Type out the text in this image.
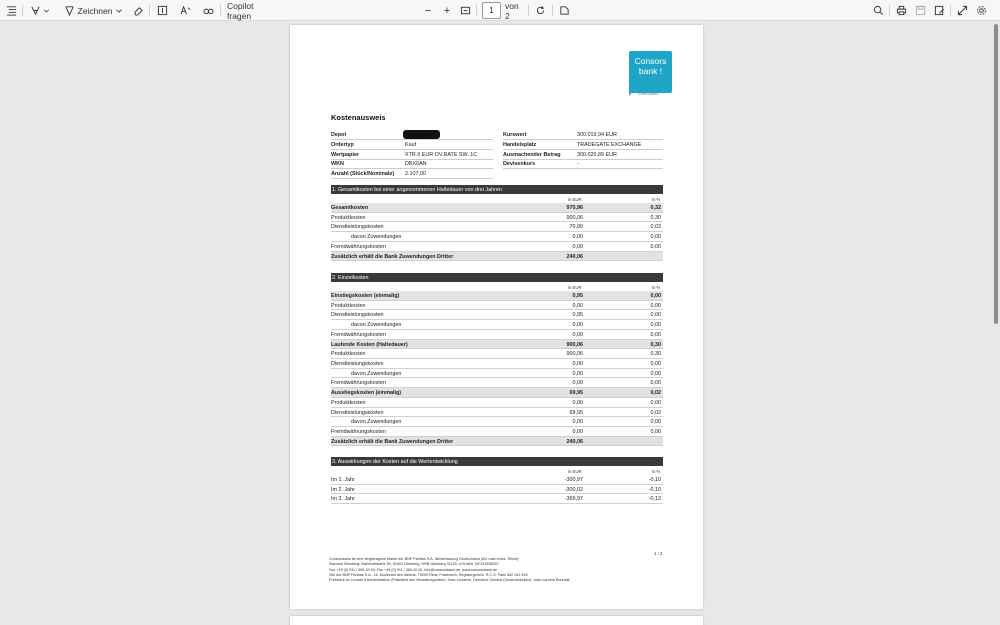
Zeichnen	Copilot fragen	−	+	1	von 2
Consors
bank !
by BNP PARIBAS
Kostenausweis
Depot
Ordertyp	Kauf
Wertpapier	XTR.II EUR OV.RATE SW. 1C
WKN	DBX0AN
Anzahl (Stück/Nominale) 2.107,00
Kurswert	300.019,94 EUR
Handelsplatz	TRADEGATE EXCHANGE
Ausmachender Betrag	300.020,89 EUR
Devisenkurs	-
1. Gesamtkosten bei einer angenommenen Haltedauer von drei Jahren
in EUR	in %
Gesamtkosten	970,96	0,32
Produktkosten	900,06	0,30
Dienstleistungskosten	70,90	0,02
davon Zuwendungen	0,00	0,00
Fremdwährungskosten	0,00	0,00
Zusätzlich erhält die Bank Zuwendungen Dritter	240,06
2. Einzelkosten
in EUR	in %
Einstiegskosten (einmalig)	0,95	0,00
Produktkosten	0,00	0,00
Dienstleistungskosten	0,95	0,00
davon Zuwendungen	0,00	0,00
Fremdwährungskosten	0,00	0,00
Laufende Kosten (Haltedauer)	900,06	0,30
Produktkosten	900,06	0,30
Dienstleistungskosten	0,00	0,00
davon Zuwendungen	0,00	0,00
Fremdwährungskosten	0,00	0,00
Ausstiegskosten (einmalig)	69,95	0,02
Produktkosten	0,00	0,00
Dienstleistungskosten	69,95	0,02
davon Zuwendungen	0,00	0,00
Fremdwährungskosten	0,00	0,00
Zusätzlich erhält die Bank Zuwendungen Dritter	240,06
3. Auswirkungen der Kosten auf die Wertentwicklung
in EUR	in %
Im 1. Jahr	-300,97	-0,10
Im 2. Jahr	-300,02	-0,10
Im 3. Jahr	-369,97	-0,12
1 / 2
Consorsbank ist eine eingetragene Marke der BNP Paribas S.A. Niederlassung Deutschland (AG nach franz. Recht).
Standort Nürnberg: Bahnhofstraße 55, 90402 Nürnberg, HRB Nürnberg 31129, USt-IdNr. DE191528929
Fon +49 (0) 911 / 369-30 00, Fax +49 (0) 911 / 369-10 00, info@consorsbank.de, www.consorsbank.de
Sitz der BNP Paribas S.A.: 16, boulevard des Italiens, 75009 Paris, Frankreich, Registergericht: R.C.S. Paris 662 042 449
Président du Conseil d'Administration (Präsident des Verwaltungsrates): Jean Lemierre, Directeur Général (Generaldirektor): Jean-Laurent Bonnafé
